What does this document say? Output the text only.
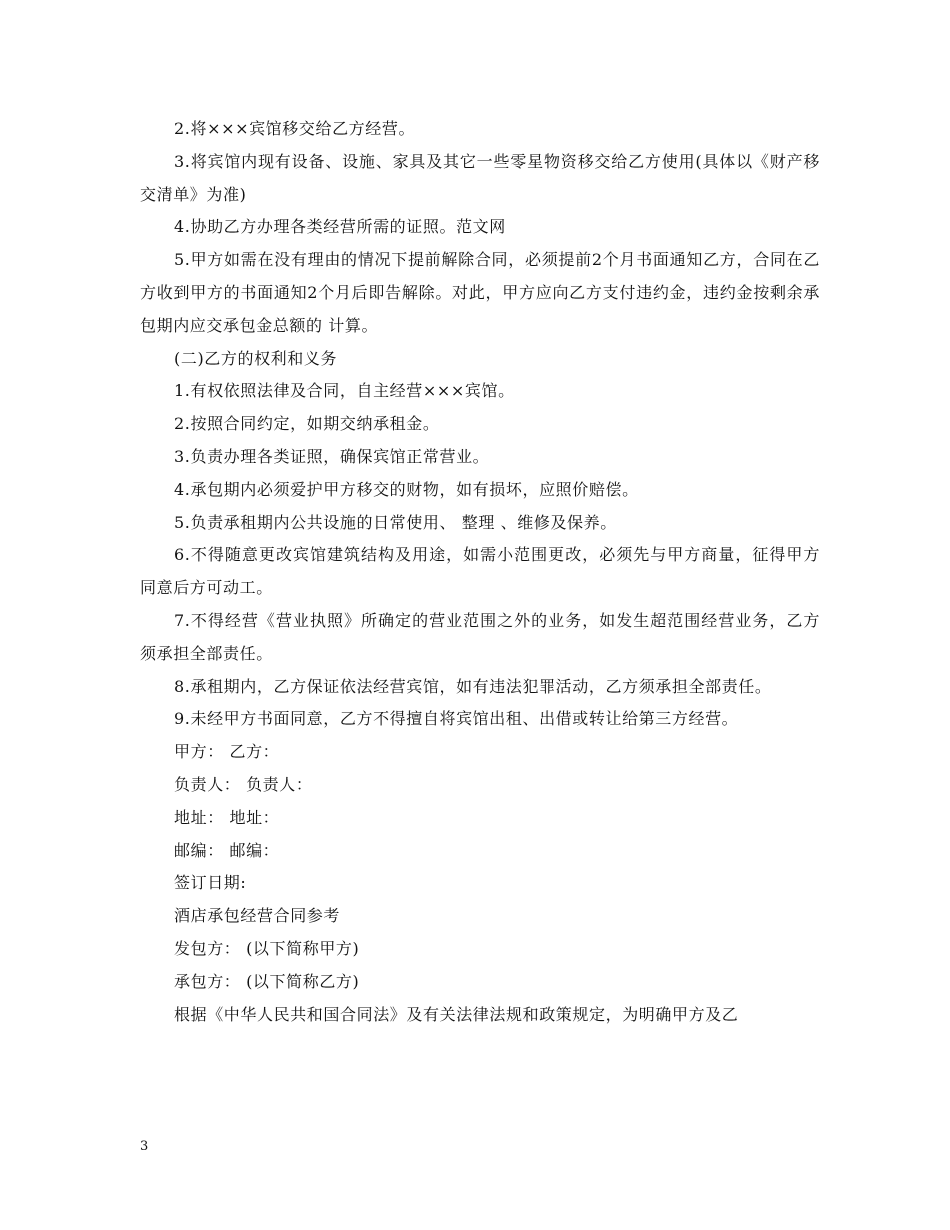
2.将×××宾馆移交给乙方经营。

3.将宾馆内现有设备、设施、家具及其它一些零星物资移交给乙方使用(具体以《财产移交清单》为准)

4.协助乙方办理各类经营所需的证照。范文网

5.甲方如需在没有理由的情况下提前解除合同，必须提前2个月书面通知乙方，合同在乙方收到甲方的书面通知2个月后即告解除。对此，甲方应向乙方支付违约金，违约金按剩余承包期内应交承包金总额的 计算。

(二)乙方的权利和义务

1.有权依照法律及合同，自主经营×××宾馆。

2.按照合同约定，如期交纳承租金。

3.负责办理各类证照，确保宾馆正常营业。

4.承包期内必须爱护甲方移交的财物，如有损坏，应照价赔偿。

5.负责承租期内公共设施的日常使用、 整理 、维修及保养。

6.不得随意更改宾馆建筑结构及用途，如需小范围更改，必须先与甲方商量，征得甲方同意后方可动工。

7.不得经营《营业执照》所确定的营业范围之外的业务，如发生超范围经营业务，乙方须承担全部责任。

8.承租期内，乙方保证依法经营宾馆，如有违法犯罪活动，乙方须承担全部责任。

9.未经甲方书面同意，乙方不得擅自将宾馆出租、出借或转让给第三方经营。

甲方： 乙方：

负责人： 负责人：

地址： 地址：

邮编： 邮编：

签订日期:

酒店承包经营合同参考

发包方： (以下简称甲方)

承包方： (以下简称乙方)

根据《中华人民共和国合同法》及有关法律法规和政策规定，为明确甲方及乙

3
